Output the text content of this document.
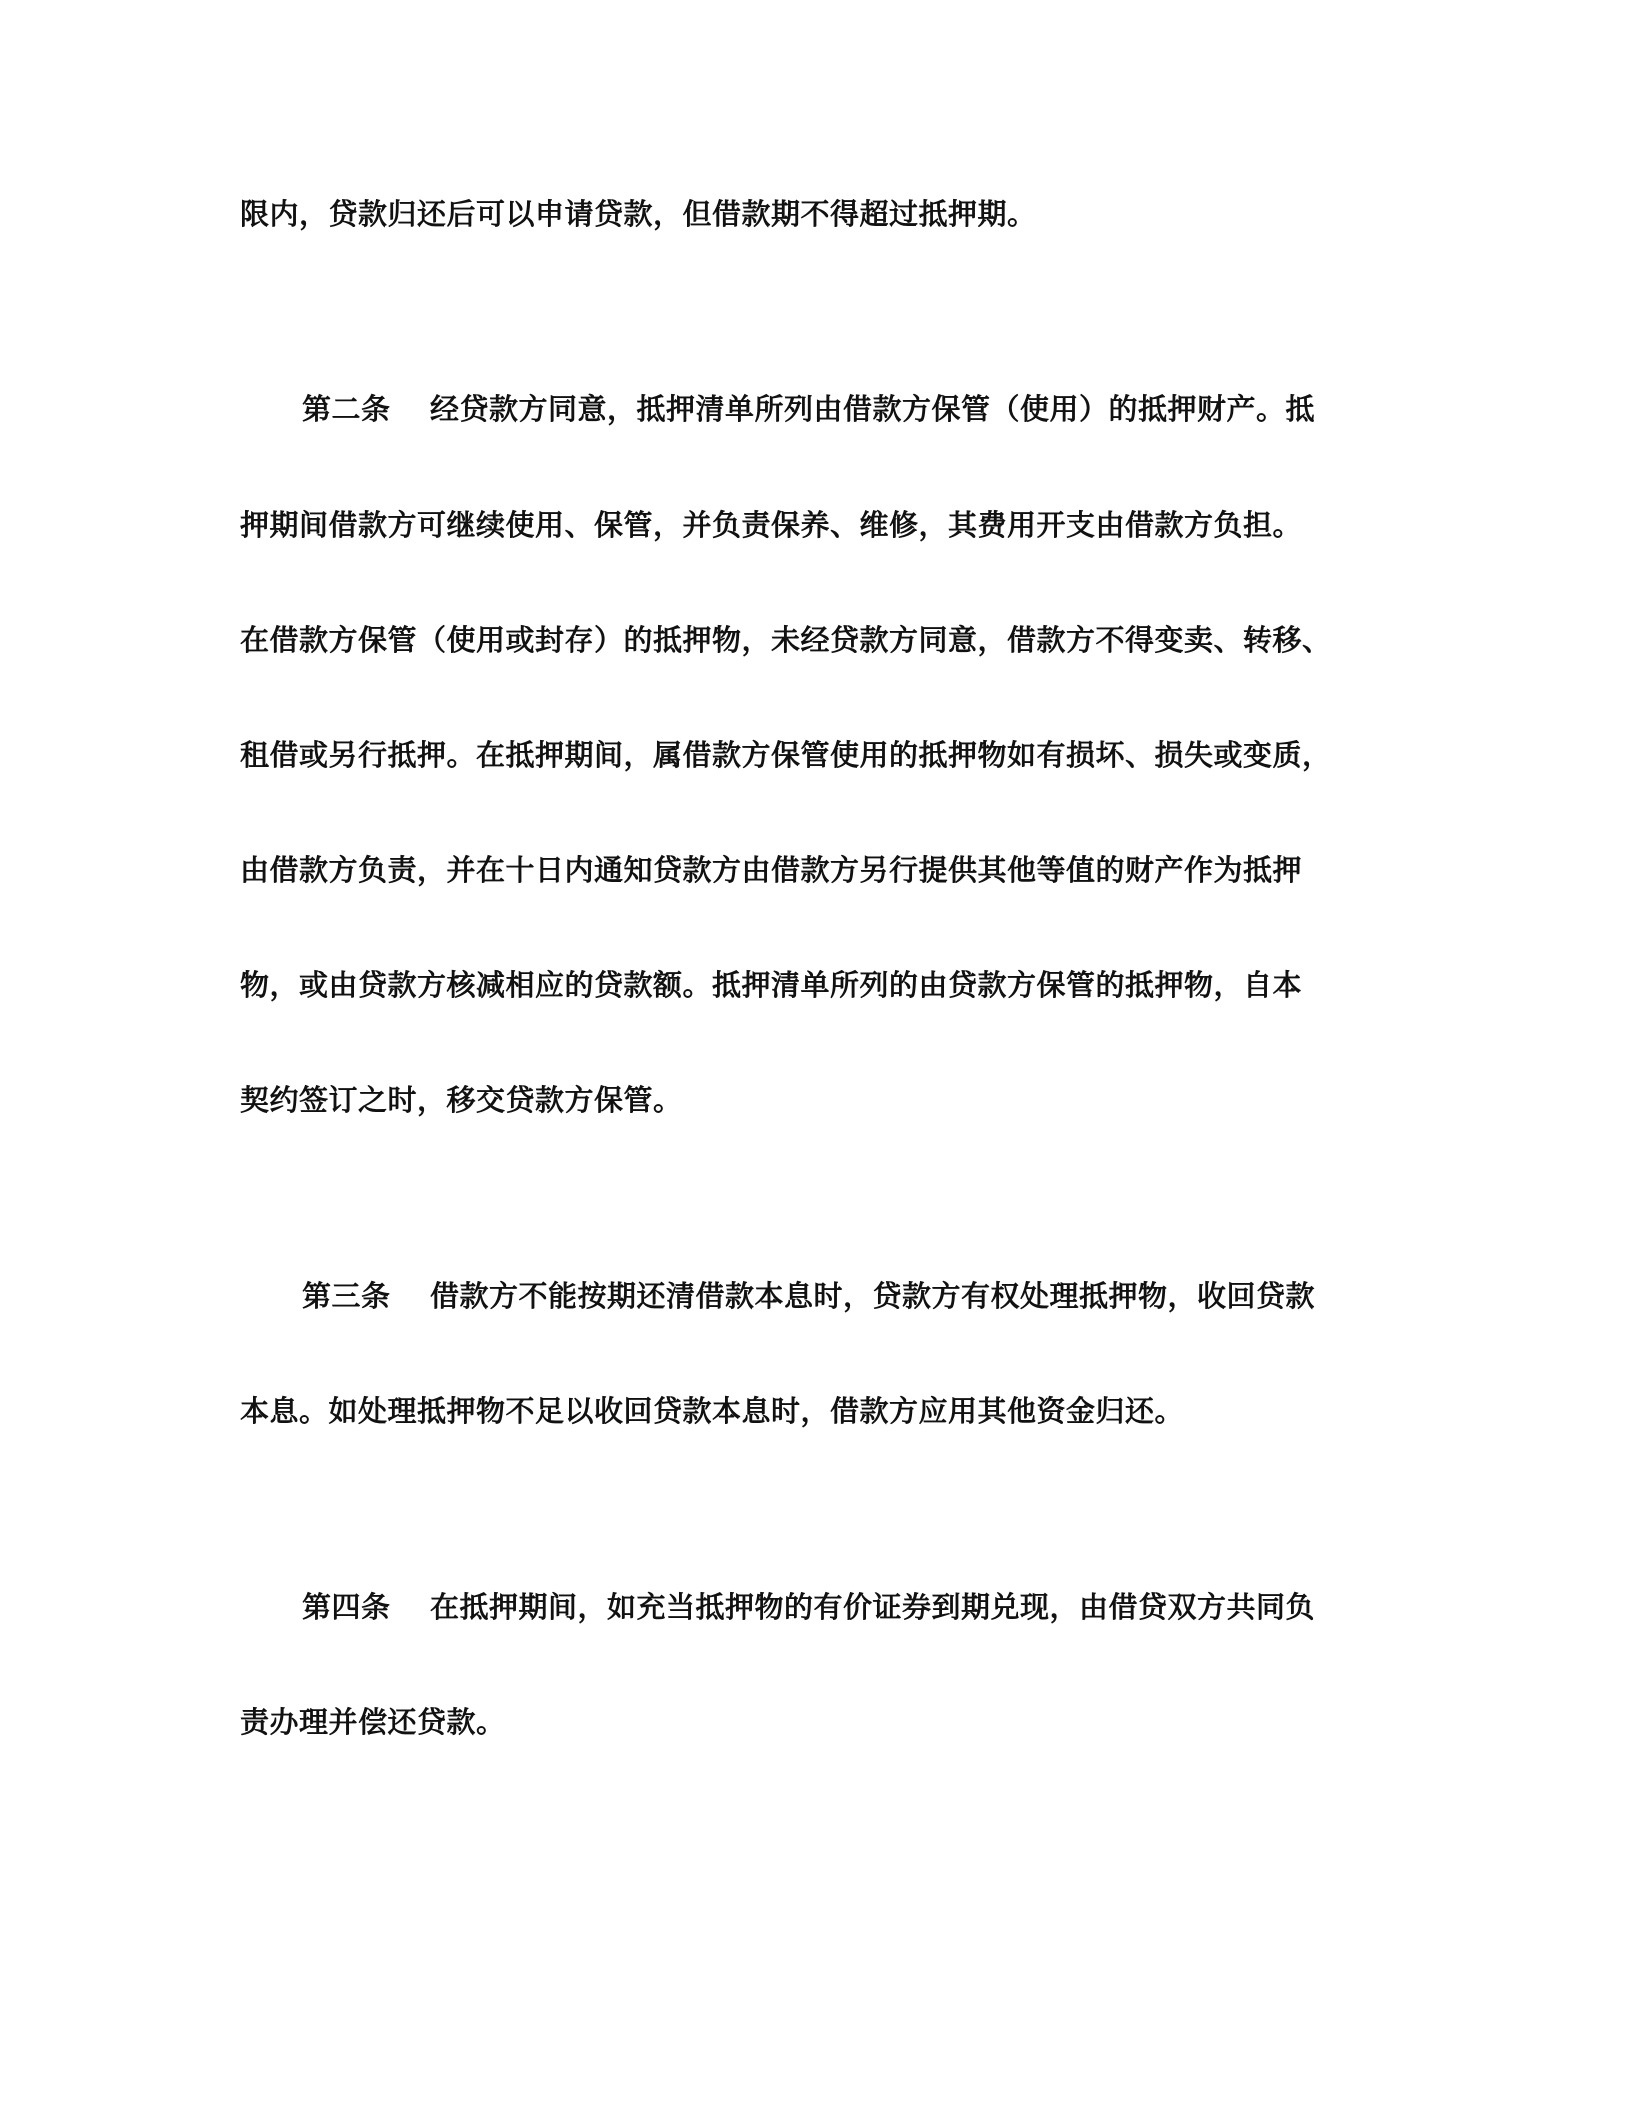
限内，贷款归还后可以申请贷款，但借款期不得超过抵押期。
第二条 经贷款方同意，抵押清单所列由借款方保管（使用）的抵押财产。抵
押期间借款方可继续使用、保管，并负责保养、维修，其费用开支由借款方负担。
在借款方保管（使用或封存）的抵押物，未经贷款方同意，借款方不得变卖、转移、
租借或另行抵押。在抵押期间，属借款方保管使用的抵押物如有损坏、损失或变质，
由借款方负责，并在十日内通知贷款方由借款方另行提供其他等值的财产作为抵押
物，或由贷款方核减相应的贷款额。抵押清单所列的由贷款方保管的抵押物，自本
契约签订之时，移交贷款方保管。
第三条 借款方不能按期还清借款本息时，贷款方有权处理抵押物，收回贷款
本息。如处理抵押物不足以收回贷款本息时，借款方应用其他资金归还。
第四条 在抵押期间，如充当抵押物的有价证券到期兑现，由借贷双方共同负
责办理并偿还贷款。
